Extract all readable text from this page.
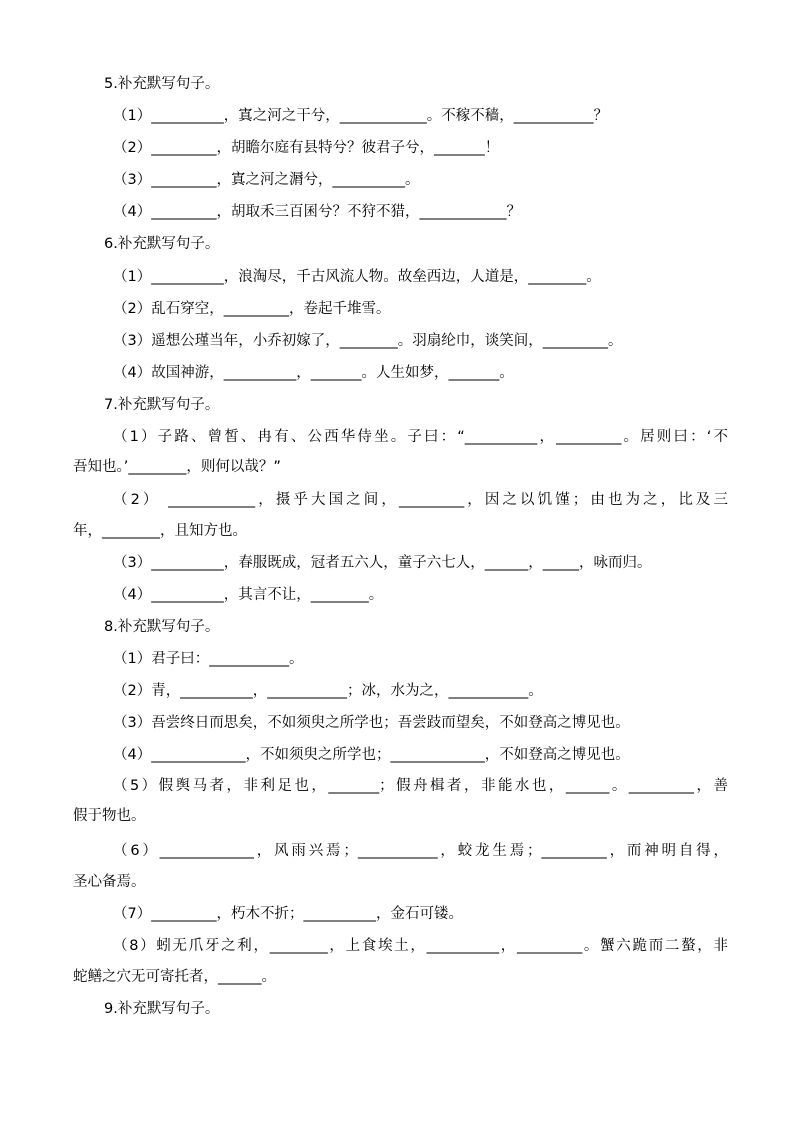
5.补充默写句子。
（1）__________，寘之河之干兮，____________。不稼不穑，___________？
（2）_________，胡瞻尔庭有县特兮？彼君子兮，_______！
（3）_________，寘之河之漘兮，__________。
（4）_________，胡取禾三百囷兮？不狩不猎，____________？
6.补充默写句子。
（1）__________，浪淘尽，千古风流人物。故垒西边，人道是，________。
（2）乱石穿空，_________，卷起千堆雪。
（3）遥想公瑾当年，小乔初嫁了，________。羽扇纶巾，谈笑间，_________。
（4）故国神游，__________，_______。人生如梦，_______。
7.补充默写句子。
（1）子路、曾皙、冉有、公西华侍坐。子曰：“__________，_________。居则曰：‘不
吾知也。’________，则何以哉？”
（2） ____________，摄乎大国之间，_________，因之以饥馑；由也为之，比及三
年，________，且知方也。
（3）__________，春服既成，冠者五六人，童子六七人，______，_____，咏而归。
（4）__________，其言不让，________。
8.补充默写句子。
（1）君子曰：___________。
（2）青，__________，___________；冰，水为之，___________。
（3）吾尝终日而思矣，不如须臾之所学也；吾尝跂而望矣，不如登高之博见也。
（4）_____________，不如须臾之所学也；_____________，不如登高之博见也。
（5）假舆马者，非利足也，_______；假舟楫者，非能水也，______。_________，善
假于物也。
（6）_____________，风雨兴焉；___________，蛟龙生焉；_________，而神明自得，
圣心备焉。
（7）_________，朽木不折；__________，金石可镂。
（8）蚓无爪牙之利，________，上食埃土，__________，_________。蟹六跪而二螯，非
蛇鳝之穴无可寄托者，______。
9.补充默写句子。
